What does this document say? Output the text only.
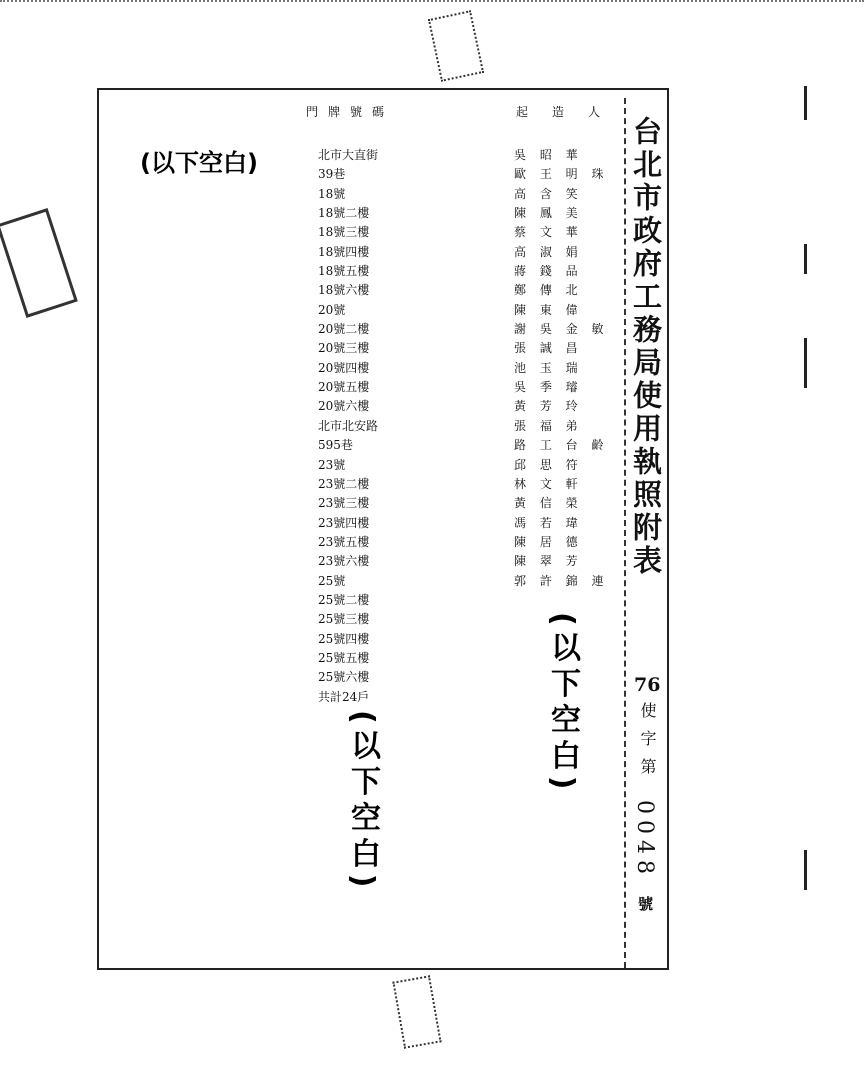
門牌號碼	起造人
北市大直街
39巷
18號
18號二樓
18號三樓
18號四樓
18號五樓
18號六樓
20號
20號二樓
20號三樓
20號四樓
20號五樓
20號六樓
北市北安路
595巷
23號
23號二樓
23號三樓
23號四樓
23號五樓
23號六樓
25號
25號二樓
25號三樓
25號四樓
25號五樓
25號六樓
共計24戶
吳 昭 華
歐 王 明 珠
高 含 笑
陳 鳳 美
蔡 文 華
高 淑 娟
蔣 錢 品
鄭 傳 北
陳 東 偉
謝 吳 金 敏
張 誠 昌
池 玉 瑞
吳 季 璿
黃 芳 玲
張 福 弟
路 工 台 齡
邱 思 符
林 文 軒
黃 信 榮
馮 若 瑋
陳 居 德
陳 翠 芳
郭 許 錦 連
台北市政府工務局使用執照附表
76
使字第
0048
號
(以下空白)
(以下空白)
(以下空白)
